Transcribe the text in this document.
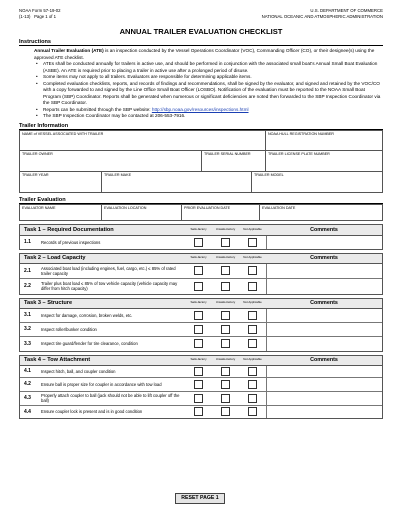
NOAA Form 57-19-02
(1-13) Page 1 of 1
U.S. DEPARTMENT OF COMMERCE
NATIONAL OCEANIC AND ATMOSPHERIC ADMINISTRATION
ANNUAL TRAILER EVALUATION CHECKLIST
Instructions

Annual Trailer Evaluation (ATE) is an inspection conducted by the Vessel Operations Coordinator (VOC), Commanding Officer (CO), or their designee(s) using the approved ATE checklist.

• ATEs shall be conducted annually for trailers in active use, and should be performed in conjunction with the associated small boat's Annual Small Boat Evaluation (ASBE). An ATE is required prior to placing a trailer in active use after a prolonged period of disuse.
• Some items may not apply to all trailers. Evaluators are responsible for determining applicable items.
• Completed evaluation checklists, reports, and records of findings and recommendations, shall be signed by the evaluator, and signed and retained by the VOC/CO with a copy forwarded to and signed by the Line Office Small Boat Officer (LOSBO). Notification of the evaluation must be reported to the NOAA Small Boat Program (SBP) Coordinator. Reports shall be generated when numerous or significant deficiencies are noted then forwarded to the SBP Inspection Coordinator via the SBP Coordinator.
• Reports can be submitted through the SBP website: http://sbp.noaa.gov/resources/inspections.html
• The SBP Inspection Coordinator may be contacted at 206-553-7916.
Trailer Information
NAME of VESSEL ASSOCIATED WITH TRAILER	NOAA HULL REGISTRATION NUMBER
TRAILER OWNER	TRAILER SERIAL NUMBER	TRAILER LICENSE PLATE NUMBER
TRAILER YEAR	TRAILER MAKE	TRAILER MODEL
Trailer Evaluation
EVALUATOR NAME	EVALUATION LOCATION	PRIOR EVALUATION DATE	EVALUATION DATE
Task 1 – Required Documentation	Satis-factory	Unsatis-factory	Not Applicable	Comments
1.1	Records of previous inspections
Task 2 – Load Capacity	Satis-factory	Unsatis-factory	Not Applicable	Comments
2.1	Associated boat load (including engines, fuel, cargo, etc.) ≤ 85% of rated trailer capacity
2.2	Trailer plus boat load ≤ 85% of tow vehicle capacity (vehicle capacity may differ from hitch capacity)
Task 3 – Structure	Satis-factory	Unsatis-factory	Not Applicable	Comments
3.1	Inspect for damage, corrosion, broken welds, etc.
3.2	Inspect roller/bunker condition
3.3	Inspect tire guard/fender for tire clearance, condition
Task 4 – Tow Attachment	Satis-factory	Unsatis-factory	Not Applicable	Comments
4.1	Inspect hitch, ball, and coupler condition
4.2	Ensure ball is proper size for coupler in accordance with tow load
4.3	Properly attach coupler to ball (jack should not be able to lift coupler off the ball)
4.4	Ensure coupler lock is present and is in good condition
RESET PAGE 1
